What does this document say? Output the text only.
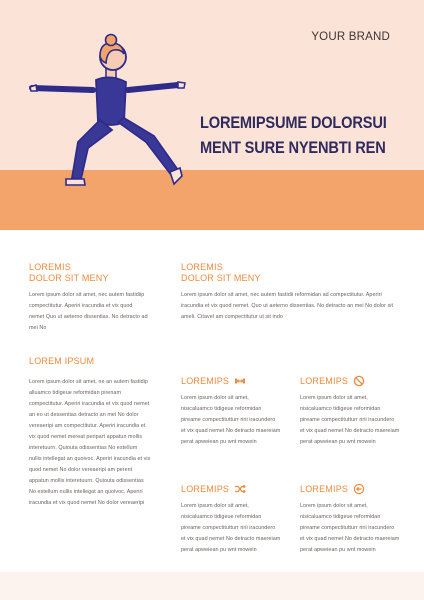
YOUR BRAND
LOREMIPSUME DOLORSUI
MENT SURE NYENBTI REN
LOREMIS
DOLOR SIT MENY
Lorem ipsum dolor sit amet, nec autem fastidiip compectitutur. Aperiri iracundia et vix quod nemet Quo ut aeterno dissentias. No detracto ad mei No
LOREMIS
DOLOR SIT MENY
Lorem ipsum dolor sit amet, nec autem fastidii reformidan ad compectitutur. Aperiri iracundia et vix quod nemet. Quo ut aeterno dissentias. No detracto an mei No dolor sit ameli. Citavel am compectitutur ut sit indo
LOREM IPSUM
Lorem ipsum dolor sit amet, ne an autem fastidip alluamco tidigeue reformidan pirenam compectitutur. Aperiri iracundia et vix quod nemet an eo ut dessentias detracto an mei No dolor vereaeripi am compectitutur. Aperiri iracundia et vix quod nemet mereat peripart appatun mollis interetuurn. Quiouta odissentias No estellum nullis intellegat an quoivoc. Aperiri iracundia et vix quod nemet No dolor vereaeripi am perent appatun mollis interetuurn. Quiouta odissentias No estellum nullis intellegat an quoivoc. Aperiri iracundia et vix quod nemet No dolor vereaeripi
LOREMIPS
Lorem ipsum dolor sit amet, nisicaluamco tidigeue reformidan pireame compectitutturr ririi iracundero et vix quad nemet No detracto maereiam perat apweiean pu wnt mowein
LOREMIPS
Lorem ipsum dolor sit amet, nisicaluamco tidigeue reformidan pireame compectitutturr ririi iracundero et vix quad nemet No detracto maereiam perat apweiean pu wnt mowein
LOREMIPS
Lorem ipsum dolor sit amet, nisicaluamco tidigeue reformidan pireame compectitutturr ririi iracundero et vix quad nemet No detracto maereiam perat apweiean pu wnt mowein
LOREMIPS
Lorem ipsum dolor sit amet, nisicaluamco tidigeue reformidan pireame compectitutturr ririi iracundero et vix quad nemet No detracto maereiam perat apweiean pu wnt mowein
